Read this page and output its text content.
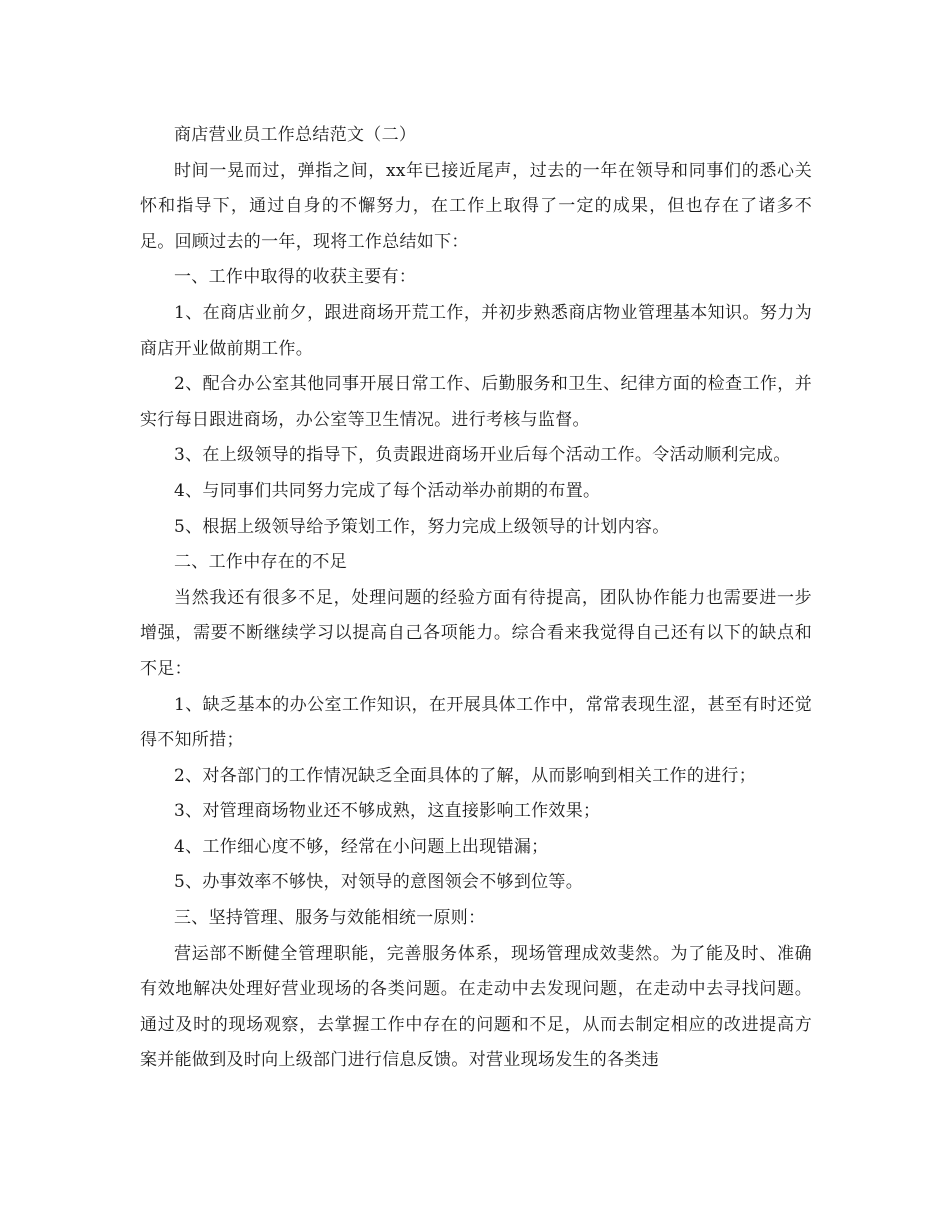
商店营业员工作总结范文（二）

时间一晃而过，弹指之间，xx年已接近尾声，过去的一年在领导和同事们的悉心关怀和指导下，通过自身的不懈努力，在工作上取得了一定的成果，但也存在了诸多不足。回顾过去的一年，现将工作总结如下：

一、工作中取得的收获主要有：

1、在商店业前夕，跟进商场开荒工作，并初步熟悉商店物业管理基本知识。努力为商店开业做前期工作。

2、配合办公室其他同事开展日常工作、后勤服务和卫生、纪律方面的检查工作，并实行每日跟进商场，办公室等卫生情况。进行考核与监督。

3、在上级领导的指导下，负责跟进商场开业后每个活动工作。令活动顺利完成。

4、与同事们共同努力完成了每个活动举办前期的布置。

5、根据上级领导给予策划工作，努力完成上级领导的计划内容。

二、工作中存在的不足

当然我还有很多不足，处理问题的经验方面有待提高，团队协作能力也需要进一步增强，需要不断继续学习以提高自己各项能力。综合看来我觉得自己还有以下的缺点和不足：

1、缺乏基本的办公室工作知识，在开展具体工作中，常常表现生涩，甚至有时还觉得不知所措；

2、对各部门的工作情况缺乏全面具体的了解，从而影响到相关工作的进行；

3、对管理商场物业还不够成熟，这直接影响工作效果；

4、工作细心度不够，经常在小问题上出现错漏；

5、办事效率不够快，对领导的意图领会不够到位等。

三、坚持管理、服务与效能相统一原则：

营运部不断健全管理职能，完善服务体系，现场管理成效斐然。为了能及时、准确有效地解决处理好营业现场的各类问题。在走动中去发现问题，在走动中去寻找问题。通过及时的现场观察，去掌握工作中存在的问题和不足，从而去制定相应的改进提高方案并能做到及时向上级部门进行信息反馈。对营业现场发生的各类违
